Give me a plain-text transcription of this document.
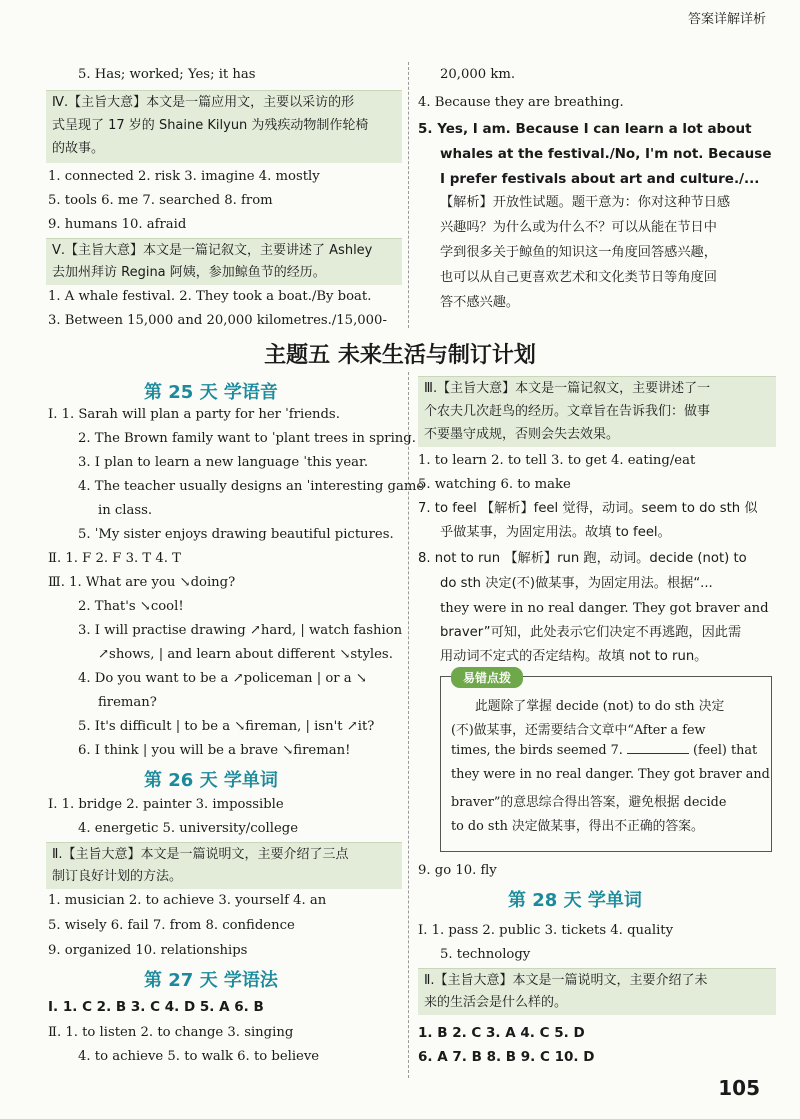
答案详解详析
5. Has; worked; Yes; it has
Ⅳ.【主旨大意】本文是一篇应用文，主要以采访的形
式呈现了 17 岁的 Shaine Kilyun 为残疾动物制作轮椅
的故事。
1. connected 2. risk 3. imagine 4. mostly
5. tools 6. me 7. searched 8. from
9. humans 10. afraid
Ⅴ.【主旨大意】本文是一篇记叙文，主要讲述了 Ashley
去加州拜访 Regina 阿姨，参加鲸鱼节的经历。
1. A whale festival. 2. They took a boat./By boat.
3. Between 15,000 and 20,000 kilometres./15,000-
20,000 km.
4. Because they are breathing.
5. Yes, I am. Because I can learn a lot about
whales at the festival./No, I'm not. Because
I prefer festivals about art and culture./...
【解析】开放性试题。题干意为：你对这种节日感
兴趣吗？为什么或为什么不？可以从能在节日中
学到很多关于鲸鱼的知识这一角度回答感兴趣，
也可以从自己更喜欢艺术和文化类节日等角度回
答不感兴趣。
主题五 未来生活与制订计划
第 25 天 学语音
Ⅰ. 1. Sarah will plan a party for her ˈfriends.
2. The Brown family want to ˈplant trees in spring.
3. I plan to learn a new language ˈthis year.
4. The teacher usually designs an ˈinteresting game
in class.
5. ˈMy sister enjoys drawing beautiful pictures.
Ⅱ. 1. F 2. F 3. T 4. T
Ⅲ. 1. What are you ↘doing?
2. That's ↘cool!
3. I will practise drawing ↗hard, | watch fashion
↗shows, | and learn about different ↘styles.
4. Do you want to be a ↗policeman | or a ↘
fireman?
5. It's difficult | to be a ↘fireman, | isn't ↗it?
6. I think | you will be a brave ↘fireman!
第 26 天 学单词
Ⅰ. 1. bridge 2. painter 3. impossible
4. energetic 5. university/college
Ⅱ.【主旨大意】本文是一篇说明文，主要介绍了三点
制订良好计划的方法。
1. musician 2. to achieve 3. yourself 4. an
5. wisely 6. fail 7. from 8. confidence
9. organized 10. relationships
第 27 天 学语法
Ⅰ. 1. C 2. B 3. C 4. D 5. A 6. B
Ⅱ. 1. to listen 2. to change 3. singing
4. to achieve 5. to walk 6. to believe
Ⅲ.【主旨大意】本文是一篇记叙文，主要讲述了一
个农夫几次赶鸟的经历。文章旨在告诉我们：做事
不要墨守成规，否则会失去效果。
1. to learn 2. to tell 3. to get 4. eating/eat
5. watching 6. to make
7. to feel 【解析】feel 觉得，动词。seem to do sth 似
乎做某事，为固定用法。故填 to feel。
8. not to run 【解析】run 跑，动词。decide (not) to
do sth 决定(不)做某事，为固定用法。根据“...
they were in no real danger. They got braver and
braver”可知，此处表示它们决定不再逃跑，因此需
用动词不定式的否定结构。故填 not to run。
易错点拨
此题除了掌握 decide (not) to do sth 决定
(不)做某事，还需要结合文章中“After a few
times, the birds seemed 7.	(feel) that
they were in no real danger. They got braver and
braver”的意思综合得出答案，避免根据 decide
to do sth 决定做某事，得出不正确的答案。
9. go 10. fly
第 28 天 学单词
Ⅰ. 1. pass 2. public 3. tickets 4. quality
5. technology
Ⅱ.【主旨大意】本文是一篇说明文，主要介绍了未
来的生活会是什么样的。
1. B 2. C 3. A 4. C 5. D
6. A 7. B 8. B 9. C 10. D
105
